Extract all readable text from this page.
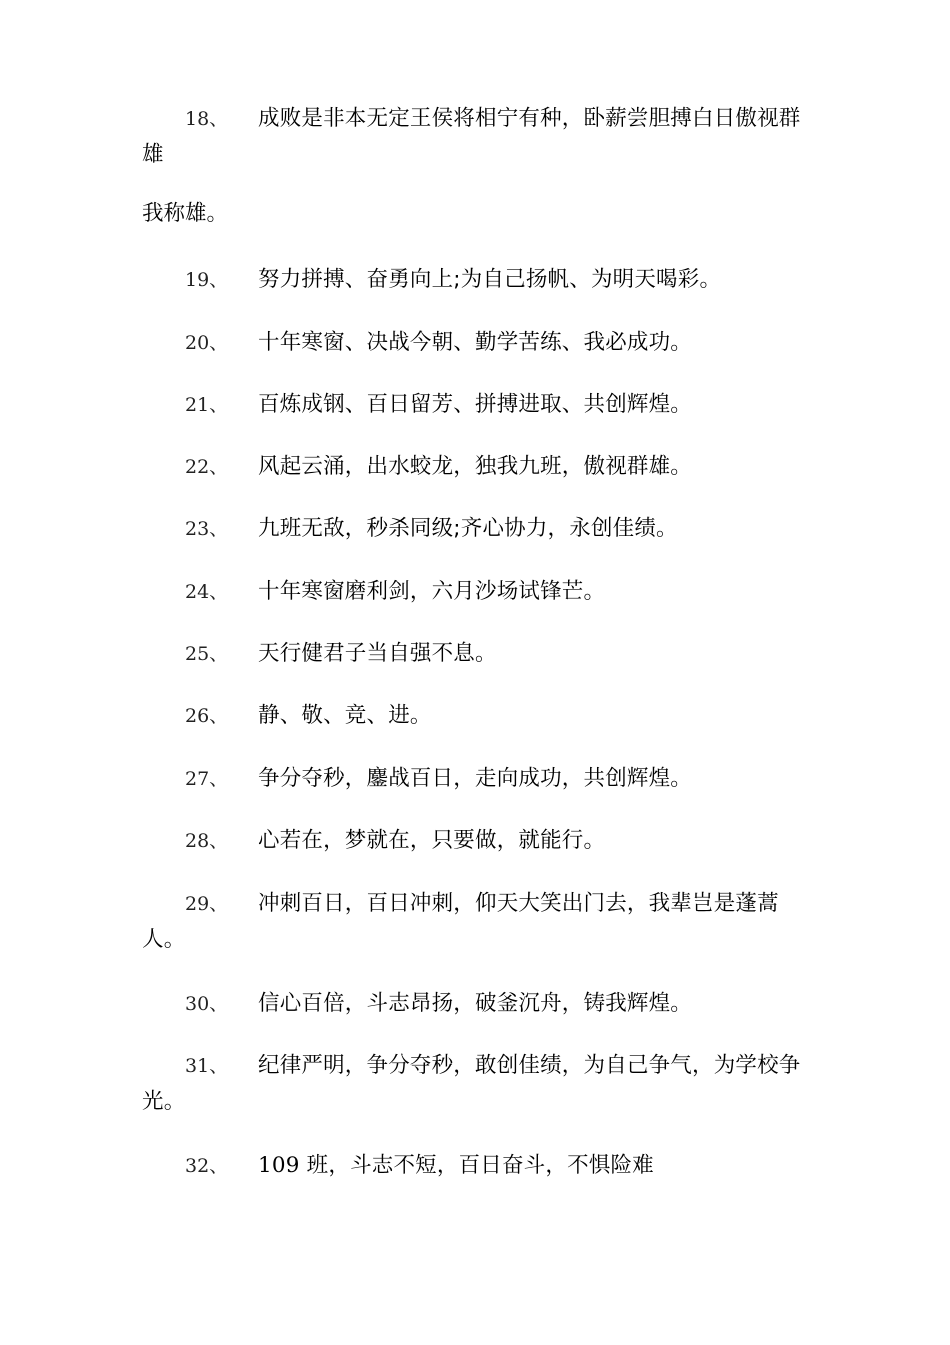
18、	成败是非本无定王侯将相宁有种，卧薪尝胆搏白日傲视群雄
我称雄。
19、	努力拼搏、奋勇向上;为自己扬帆、为明天喝彩。
20、	十年寒窗、决战今朝、勤学苦练、我必成功。
21、	百炼成钢、百日留芳、拼搏进取、共创辉煌。
22、	风起云涌，出水蛟龙，独我九班，傲视群雄。
23、	九班无敌，秒杀同级;齐心协力，永创佳绩。
24、	十年寒窗磨利剑，六月沙场试锋芒。
25、	天行健君子当自强不息。
26、	静、敬、竞、进。
27、	争分夺秒，鏖战百日，走向成功，共创辉煌。
28、	心若在，梦就在，只要做，就能行。
29、	冲刺百日，百日冲刺，仰天大笑出门去，我辈岂是蓬蒿人。
30、	信心百倍，斗志昂扬，破釜沉舟，铸我辉煌。
31、	纪律严明，争分夺秒，敢创佳绩，为自己争气，为学校争光。
32、	109 班，斗志不短，百日奋斗，不惧险难
